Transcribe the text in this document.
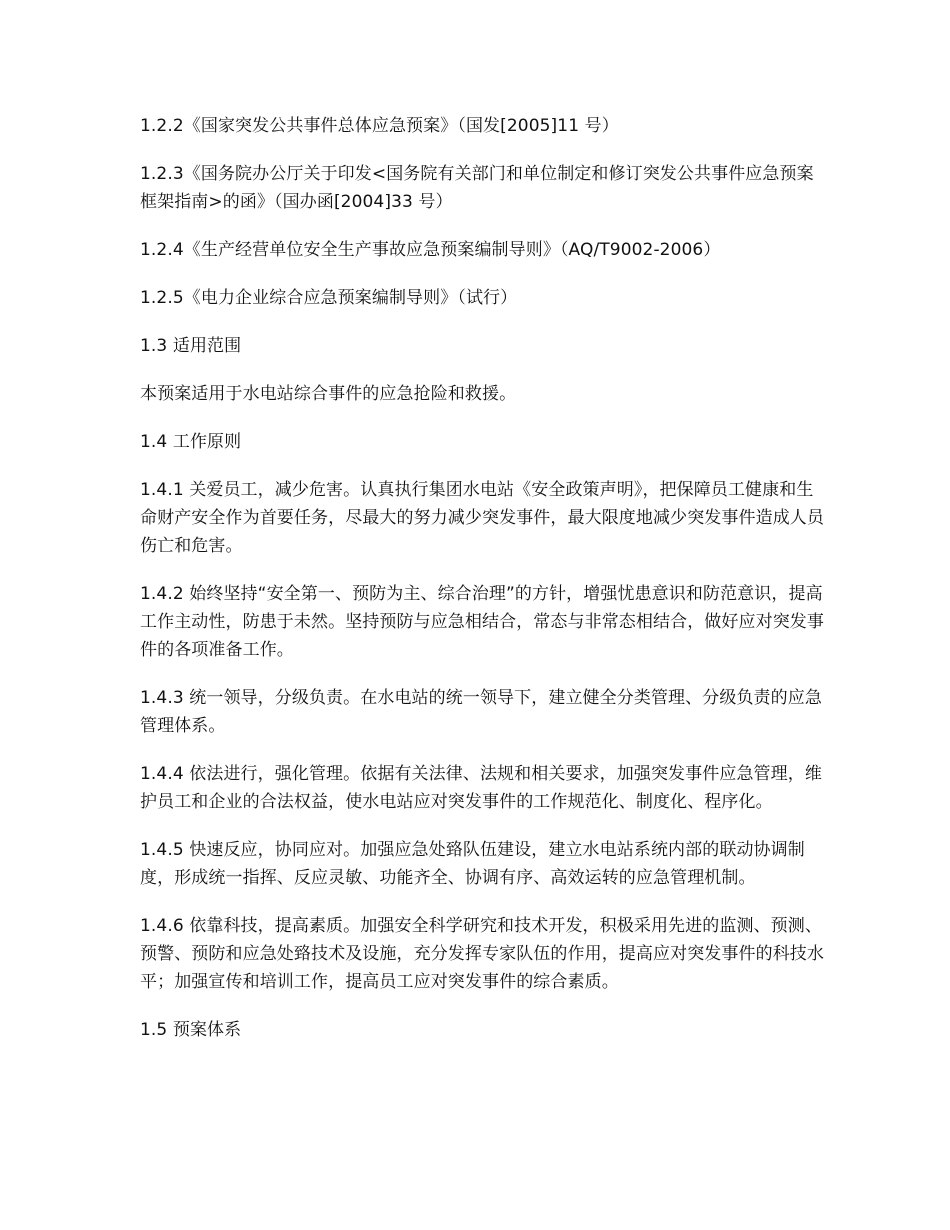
1.2.2《国家突发公共事件总体应急预案》（国发[2005]11 号）

1.2.3《国务院办公厅关于印发<国务院有关部门和单位制定和修订突发公共事件应急预案框架指南>的函》（国办函[2004]33 号）

1.2.4《生产经营单位安全生产事故应急预案编制导则》（AQ/T9002-2006）

1.2.5《电力企业综合应急预案编制导则》（试行）

1.3 适用范围

本预案适用于水电站综合事件的应急抢险和救援。

1.4 工作原则

1.4.1 关爱员工，减少危害。认真执行集团水电站《安全政策声明》，把保障员工健康和生命财产安全作为首要任务，尽最大的努力减少突发事件，最大限度地减少突发事件造成人员伤亡和危害。

1.4.2 始终坚持“安全第一、预防为主、综合治理”的方针，增强忧患意识和防范意识，提高工作主动性，防患于未然。坚持预防与应急相结合，常态与非常态相结合，做好应对突发事件的各项准备工作。

1.4.3 统一领导，分级负责。在水电站的统一领导下，建立健全分类管理、分级负责的应急管理体系。

1.4.4 依法进行，强化管理。依据有关法律、法规和相关要求，加强突发事件应急管理，维护员工和企业的合法权益，使水电站应对突发事件的工作规范化、制度化、程序化。

1.4.5 快速反应，协同应对。加强应急处臵队伍建设，建立水电站系统内部的联动协调制度，形成统一指挥、反应灵敏、功能齐全、协调有序、高效运转的应急管理机制。

1.4.6 依靠科技，提高素质。加强安全科学研究和技术开发，积极采用先进的监测、预测、预警、预防和应急处臵技术及设施，充分发挥专家队伍的作用，提高应对突发事件的科技水平；加强宣传和培训工作，提高员工应对突发事件的综合素质。

1.5 预案体系
